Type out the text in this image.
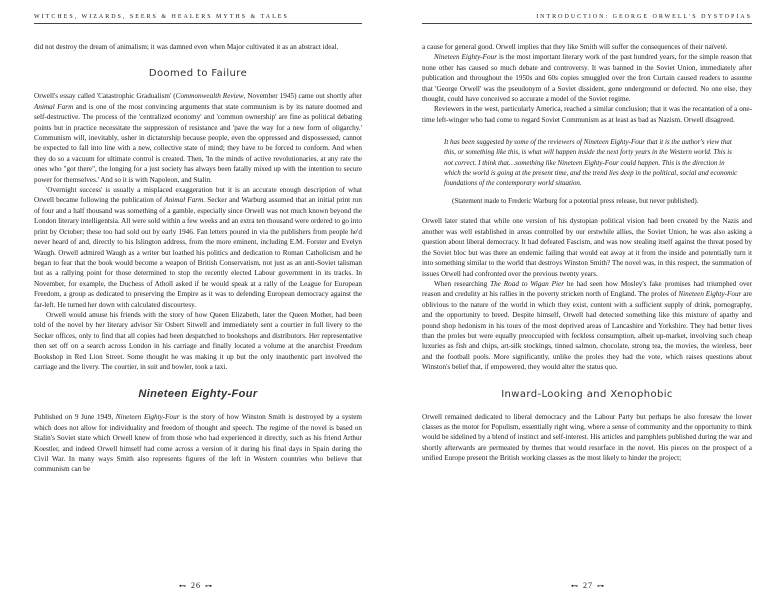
WITCHES, WIZARDS, SEERS & HEALERS MYTHS & TALES

did not destroy the dream of animalism; it was damned even when Major cultivated it as an abstract ideal.

Doomed to Failure

Orwell's essay called 'Catastrophic Gradualism' (Commonwealth Review, November 1945) came out shortly after Animal Farm and is one of the most convincing arguments that state communism is by its nature doomed and self-destructive. The process of the 'centralized economy' and 'common ownership' are fine as political debating points but in practice necessitate the suppression of resistance and 'pave the way for a new form of oligarchy.' Communism will, inevitably, usher in dictatorship because people, even the oppressed and dispossessed, cannot be expected to fall into line with a new, collective state of mind; they have to be forced to conform. And when they do so a vacuum for ultimate control is created. Then, 'In the minds of active revolutionaries, at any rate the ones who "got there", the longing for a just society has always been fatally mixed up with the intention to secure power for themselves.' And so it is with Napoleon, and Stalin.

'Overnight success' is usually a misplaced exaggeration but it is an accurate enough description of what Orwell became following the publication of Animal Farm. Secker and Warburg assumed that an initial print run of four and a half thousand was something of a gamble, especially since Orwell was not much known beyond the London literary intelligentsia. All were sold within a few weeks and an extra ten thousand were ordered to go into print by October; these too had sold out by early 1946. Fan letters poured in via the publishers from people he'd never heard of and, directly to his Islington address, from the more eminent, including E.M. Forster and Evelyn Waugh. Orwell admired Waugh as a writer but loathed his politics and dedication to Roman Catholicism and he began to fear that the book would become a weapon of British Conservatism, not just as an anti-Soviet talisman but as a rallying point for those determined to stop the recently elected Labour government in its tracks. In November, for example, the Duchess of Atholl asked if he would speak at a rally of the League for European Freedom, a group as dedicated to preserving the Empire as it was to defending European democracy against the far-left. He turned her down with calculated discourtesy.

Orwell would amuse his friends with the story of how Queen Elizabeth, later the Queen Mother, had been told of the novel by her literary advisor Sir Osbert Sitwell and immediately sent a courtier in full livery to the Secker offices, only to find that all copies had been despatched to bookshops and distributors. Her representative then set off on a search across London in his carriage and finally located a volume at the anarchist Freedom Bookshop in Red Lion Street. Some thought he was making it up but the only inauthentic part involved the carriage and the livery. The courtier, in suit and bowler, took a taxi.

Nineteen Eighty-Four

Published on 9 June 1949, Nineteen Eighty-Four is the story of how Winston Smith is destroyed by a system which does not allow for individuality and freedom of thought and speech. The regime of the novel is based on Stalin's Soviet state which Orwell knew of from those who had experienced it directly, such as his friend Arthur Koestler, and indeed Orwell himself had come across a version of it during his final days in Spain during the Civil War. In many ways Smith also represents figures of the left in Western countries who believe that communism can be

⊷ 26 ⊶
INTRODUCTION: GEORGE ORWELL'S DYSTOPIAS

a cause for general good. Orwell implies that they like Smith will suffer the consequences of their naïveté.

Nineteen Eighty-Four is the most important literary work of the past hundred years, for the simple reason that none other has caused so much debate and controversy. It was banned in the Soviet Union, immediately after publication and throughout the 1950s and 60s copies smuggled over the Iron Curtain caused readers to assume that 'George Orwell' was the pseudonym of a Soviet dissident, gone underground or defected. No one else, they thought, could have conceived so accurate a model of the Soviet regime.

Reviewers in the west, particularly America, reached a similar conclusion; that it was the recantation of a one-time left-winger who had come to regard Soviet Communism as at least as bad as Nazism. Orwell disagreed.

It has been suggested by some of the reviewers of Nineteen Eighty-Four that it is the author's view that this, or something like this, is what will happen inside the next forty years in the Western world. This is not correct. I think that…something like Nineteen Eighty-Four could happen. This is the direction in which the world is going at the present time, and the trend lies deep in the political, social and economic foundations of the contemporary world situation.
(Statement made to Frederic Warburg for a potential press release, but never published).

Orwell later stated that while one version of his dystopian political vision had been created by the Nazis and another was well established in areas controlled by our erstwhile allies, the Soviet Union, he was also asking a question about liberal democracy. It had defeated Fascism, and was now stealing itself against the threat posed by the Soviet bloc but was there an endemic failing that would eat away at it from the inside and potentially turn it into something similar to the world that destroys Winston Smith? The novel was, in this respect, the summation of issues Orwell had confronted over the previous twenty years.

When researching The Road to Wigan Pier he had seen how Mosley's fake promises had triumphed over reason and credulity at his rallies in the poverty stricken north of England. The proles of Nineteen Eighty-Four are oblivious to the nature of the world in which they exist, content with a sufficient supply of drink, pornography, and the opportunity to breed. Despite himself, Orwell had detected something like this mixture of apathy and pound shop hedonism in his tours of the most deprived areas of Lancashire and Yorkshire. They had better lives than the proles but were equally preoccupied with feckless consumption, albeit up-market, involving such cheap luxuries as fish and chips, art-silk stockings, tinned salmon, chocolate, strong tea, the movies, the wireless, beer and the football pools. More significantly, unlike the proles they had the vote, which raises questions about Winston's belief that, if empowered, they would alter the status quo.

Inward-Looking and Xenophobic

Orwell remained dedicated to liberal democracy and the Labour Party but perhaps he also foresaw the lower classes as the motor for Populism, essentially right wing, where a sense of community and the opportunity to think would be sidelined by a blend of instinct and self-interest. His articles and pamphlets published during the war and shortly afterwards are permeated by themes that would resurface in the novel. His pieces on the prospect of a unified Europe present the British working classes as the most likely to hinder the project;

⊷ 27 ⊶
